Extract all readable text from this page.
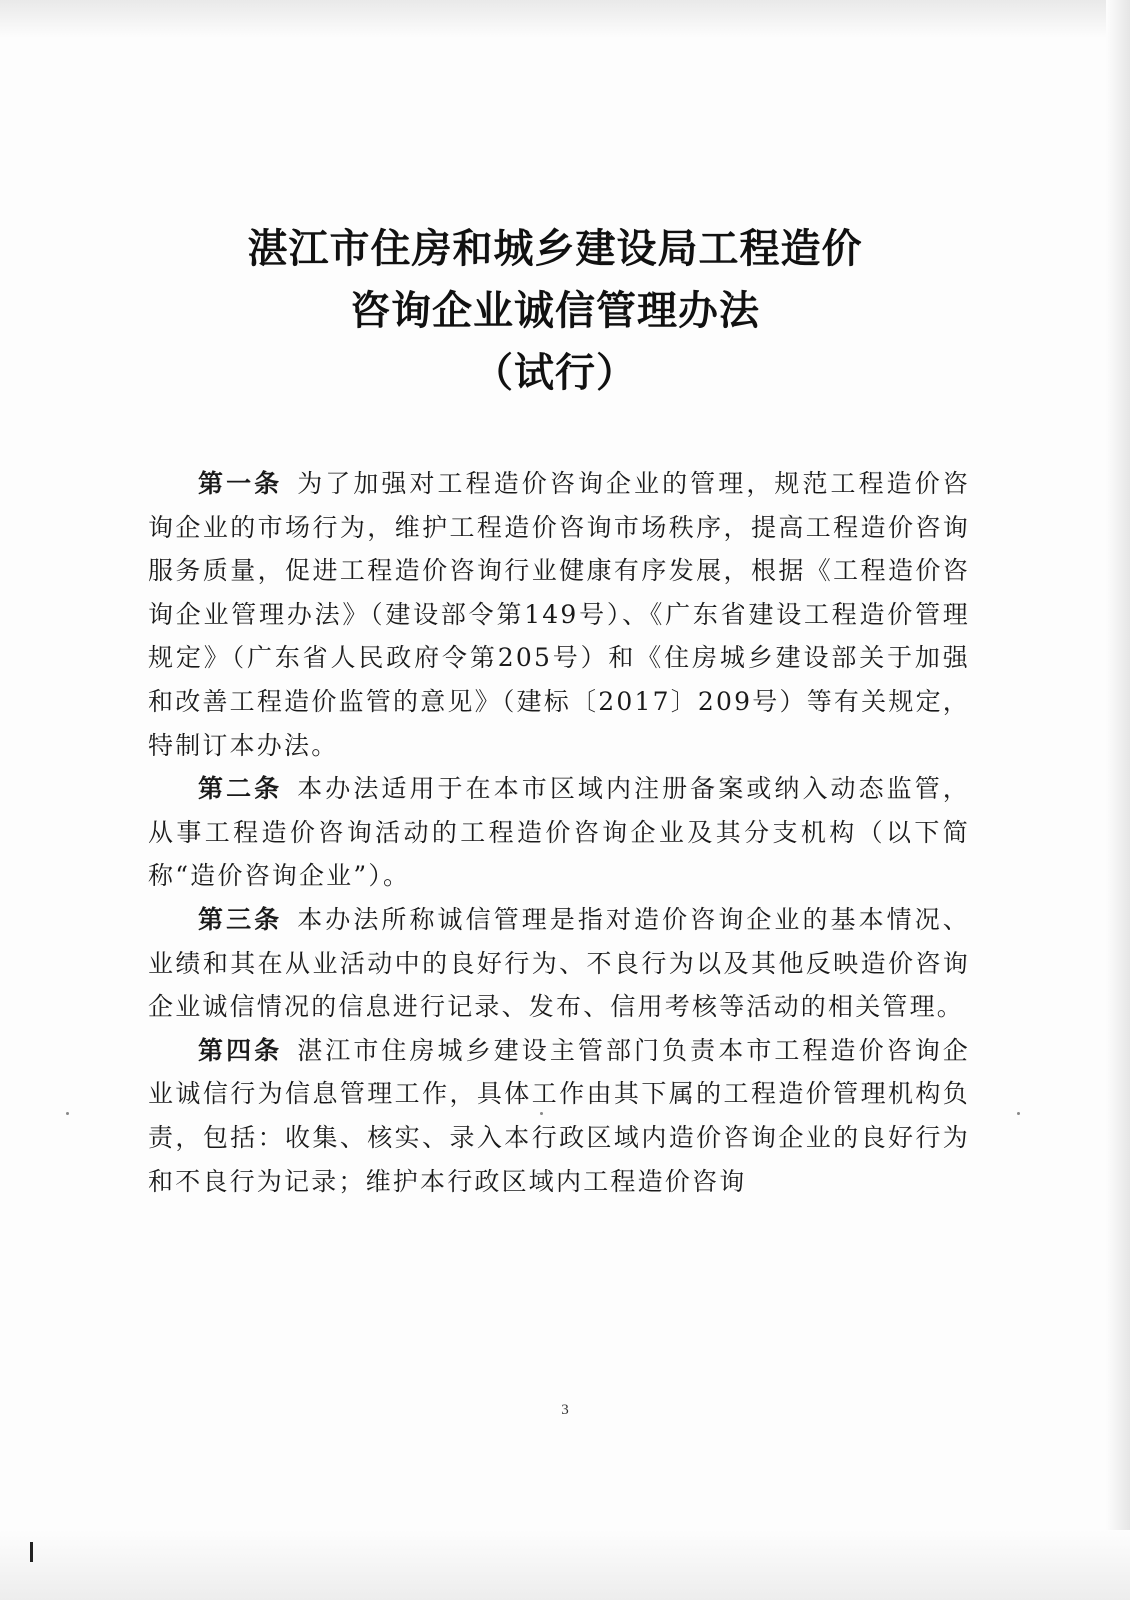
湛江市住房和城乡建设局工程造价
咨询企业诚信管理办法
（试行）

第一条 为了加强对工程造价咨询企业的管理，规范工程造价咨询企业的市场行为，维护工程造价咨询市场秩序，提高工程造价咨询服务质量，促进工程造价咨询行业健康有序发展，根据《工程造价咨询企业管理办法》（建设部令第149号）、《广东省建设工程造价管理规定》（广东省人民政府令第205号）和《住房城乡建设部关于加强和改善工程造价监管的意见》（建标〔2017〕209号）等有关规定，特制订本办法。

第二条 本办法适用于在本市区域内注册备案或纳入动态监管，从事工程造价咨询活动的工程造价咨询企业及其分支机构（以下简称“造价咨询企业”）。

第三条 本办法所称诚信管理是指对造价咨询企业的基本情况、业绩和其在从业活动中的良好行为、不良行为以及其他反映造价咨询企业诚信情况的信息进行记录、发布、信用考核等活动的相关管理。

第四条 湛江市住房城乡建设主管部门负责本市工程造价咨询企业诚信行为信息管理工作，具体工作由其下属的工程造价管理机构负责，包括：收集、核实、录入本行政区域内造价咨询企业的良好行为和不良行为记录；维护本行政区域内工程造价咨询

3
